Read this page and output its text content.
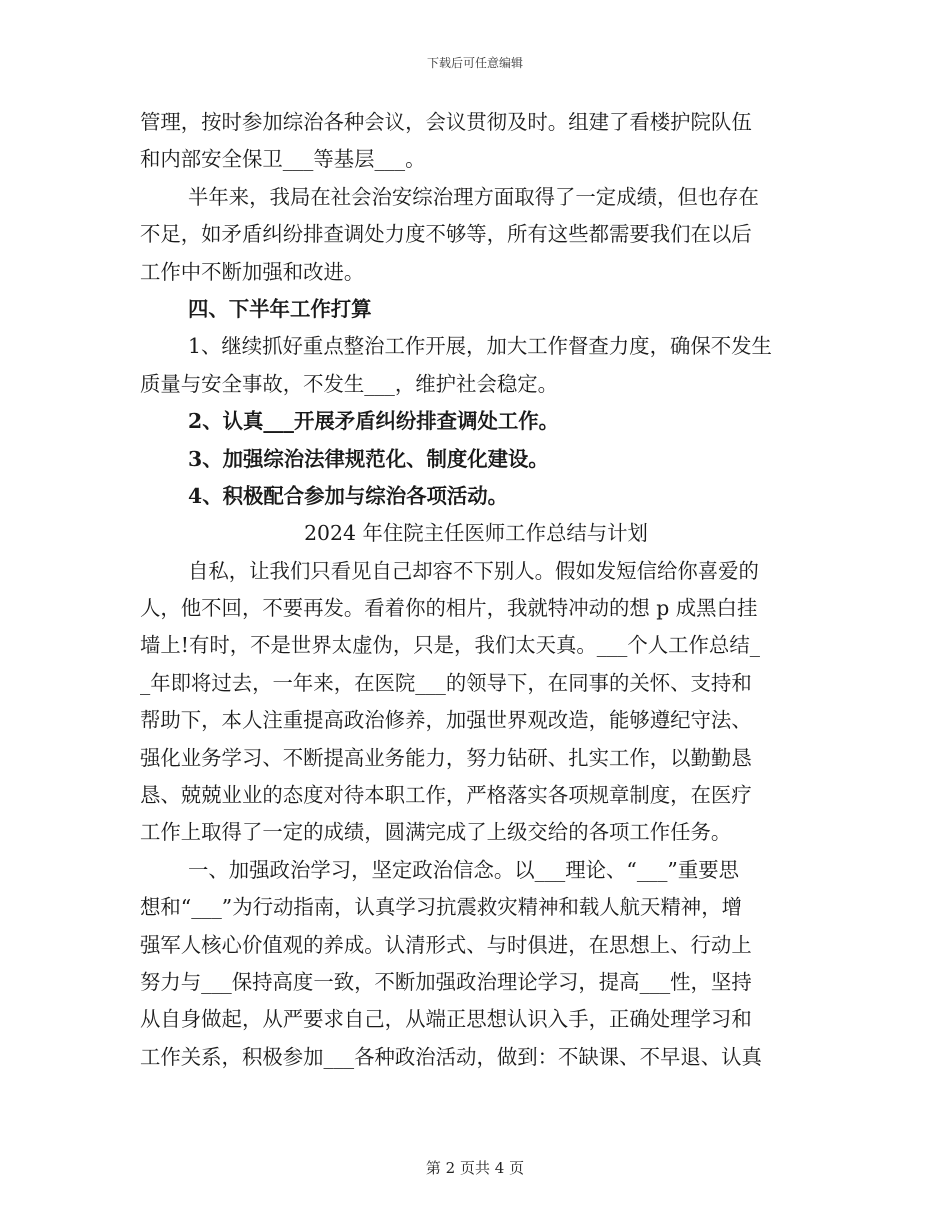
下载后可任意编辑
管理，按时参加综治各种会议，会议贯彻及时。组建了看楼护院队伍
和内部安全保卫___等基层___。
半年来，我局在社会治安综治理方面取得了一定成绩，但也存在
不足，如矛盾纠纷排查调处力度不够等，所有这些都需要我们在以后
工作中不断加强和改进。
四、下半年工作打算
1、继续抓好重点整治工作开展，加大工作督查力度，确保不发生
质量与安全事故，不发生___，维护社会稳定。
2、认真___开展矛盾纠纷排查调处工作。
3、加强综治法律规范化、制度化建设。
4、积极配合参加与综治各项活动。
2024 年住院主任医师工作总结与计划
自私，让我们只看见自己却容不下别人。假如发短信给你喜爱的
人，他不回，不要再发。看着你的相片，我就特冲动的想 p 成黑白挂
墙上!有时，不是世界太虚伪，只是，我们太天真。___个人工作总结_
_年即将过去，一年来，在医院___的领导下，在同事的关怀、支持和
帮助下，本人注重提高政治修养，加强世界观改造，能够遵纪守法、
强化业务学习、不断提高业务能力，努力钻研、扎实工作，以勤勤恳
恳、兢兢业业的态度对待本职工作，严格落实各项规章制度，在医疗
工作上取得了一定的成绩，圆满完成了上级交给的各项工作任务。
一、加强政治学习，坚定政治信念。以___理论、“___”重要思
想和“___”为行动指南，认真学习抗震救灾精神和载人航天精神，增
强军人核心价值观的养成。认清形式、与时俱进，在思想上、行动上
努力与___保持高度一致，不断加强政治理论学习，提高___性，坚持
从自身做起，从严要求自己，从端正思想认识入手，正确处理学习和
工作关系，积极参加___各种政治活动，做到：不缺课、不早退、认真
第 2 页共 4 页
